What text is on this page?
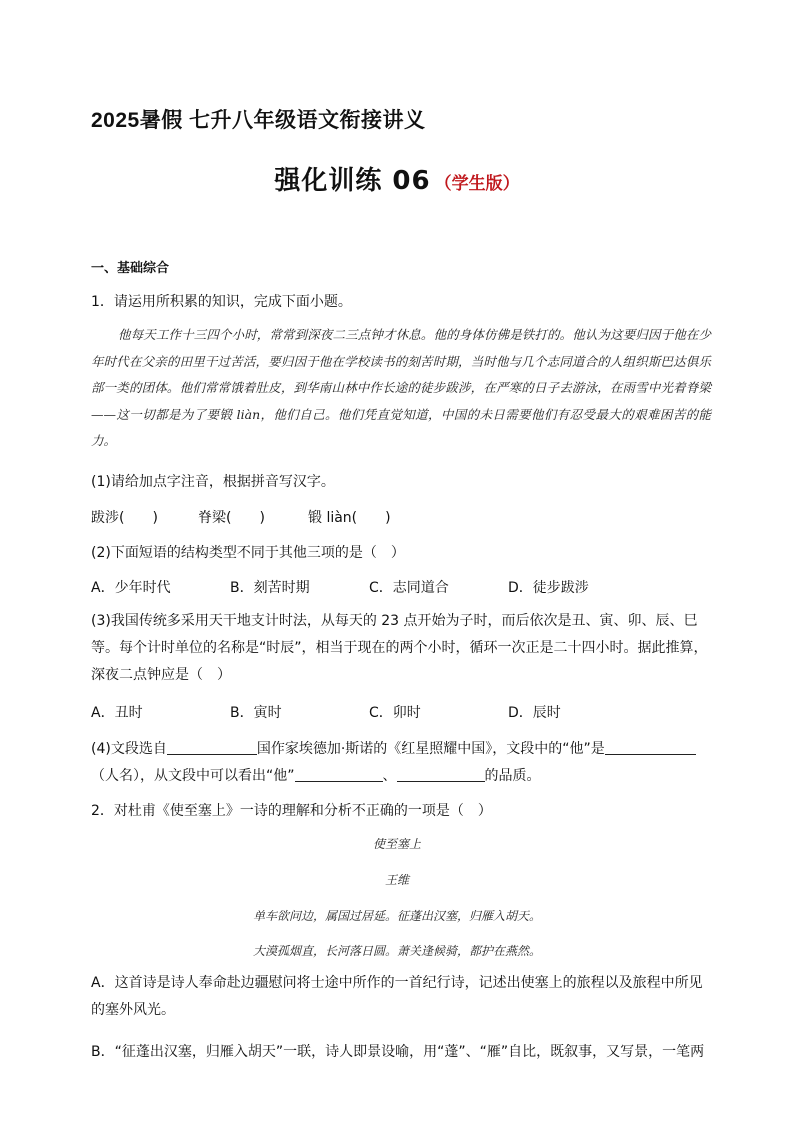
2025暑假 七升八年级语文衔接讲义
强化训练 06 （学生版）
一、基础综合
1．请运用所积累的知识，完成下面小题。
他每天工作十三四个小时，常常到深夜二三点钟才休息。他的身体仿佛是铁打的。他认为这要归因于他在少年时代在父亲的田里干过苦活，要归因于他在学校读书的刻苦时期，当时他与几个志同道合的人组织斯巴达俱乐部一类的团体。他们常常饿着肚皮，到华南山林中作长途的徒步跋涉，在严寒的日子去游泳，在雨雪中光着脊梁——这一切都是为了要锻 liàn，他们自己。他们凭直觉知道，中国的未日需要他们有忍受最大的艰难困苦的能力。
(1)请给加点字注音，根据拼音写汉字。
跋涉(　　)	脊梁(　　)	锻 liàn(　　)
(2)下面短语的结构类型不同于其他三项的是（　）
A．少年时代	B．刻苦时期	C．志同道合	D．徒步跋涉
(3)我国传统多采用天干地支计时法，从每天的 23 点开始为子时，而后依次是丑、寅、卯、辰、巳等。每个计时单位的名称是“时辰”，相当于现在的两个小时，循环一次正是二十四小时。据此推算，深夜二点钟应是（　）
A．丑时	B．寅时	C．卯时	D．辰时
(4)文段选自	国作家埃德加·斯诺的《红星照耀中国》，文段中的“他”是
（人名），从文段中可以看出“他”	、	的品质。
2．对杜甫《使至塞上》一诗的理解和分析不正确的一项是（　）
使至塞上
王维
单车欲问边，属国过居延。征蓬出汉塞，归雁入胡天。
大漠孤烟直，长河落日圆。萧关逢候骑，都护在燕然。
A．这首诗是诗人奉命赴边疆慰问将士途中所作的一首纪行诗，记述出使塞上的旅程以及旅程中所见的塞外风光。
B．“征蓬出汉塞，归雁入胡天”一联，诗人即景设喻，用“蓬”、“雁”自比，既叙事，又写景，一笔两
